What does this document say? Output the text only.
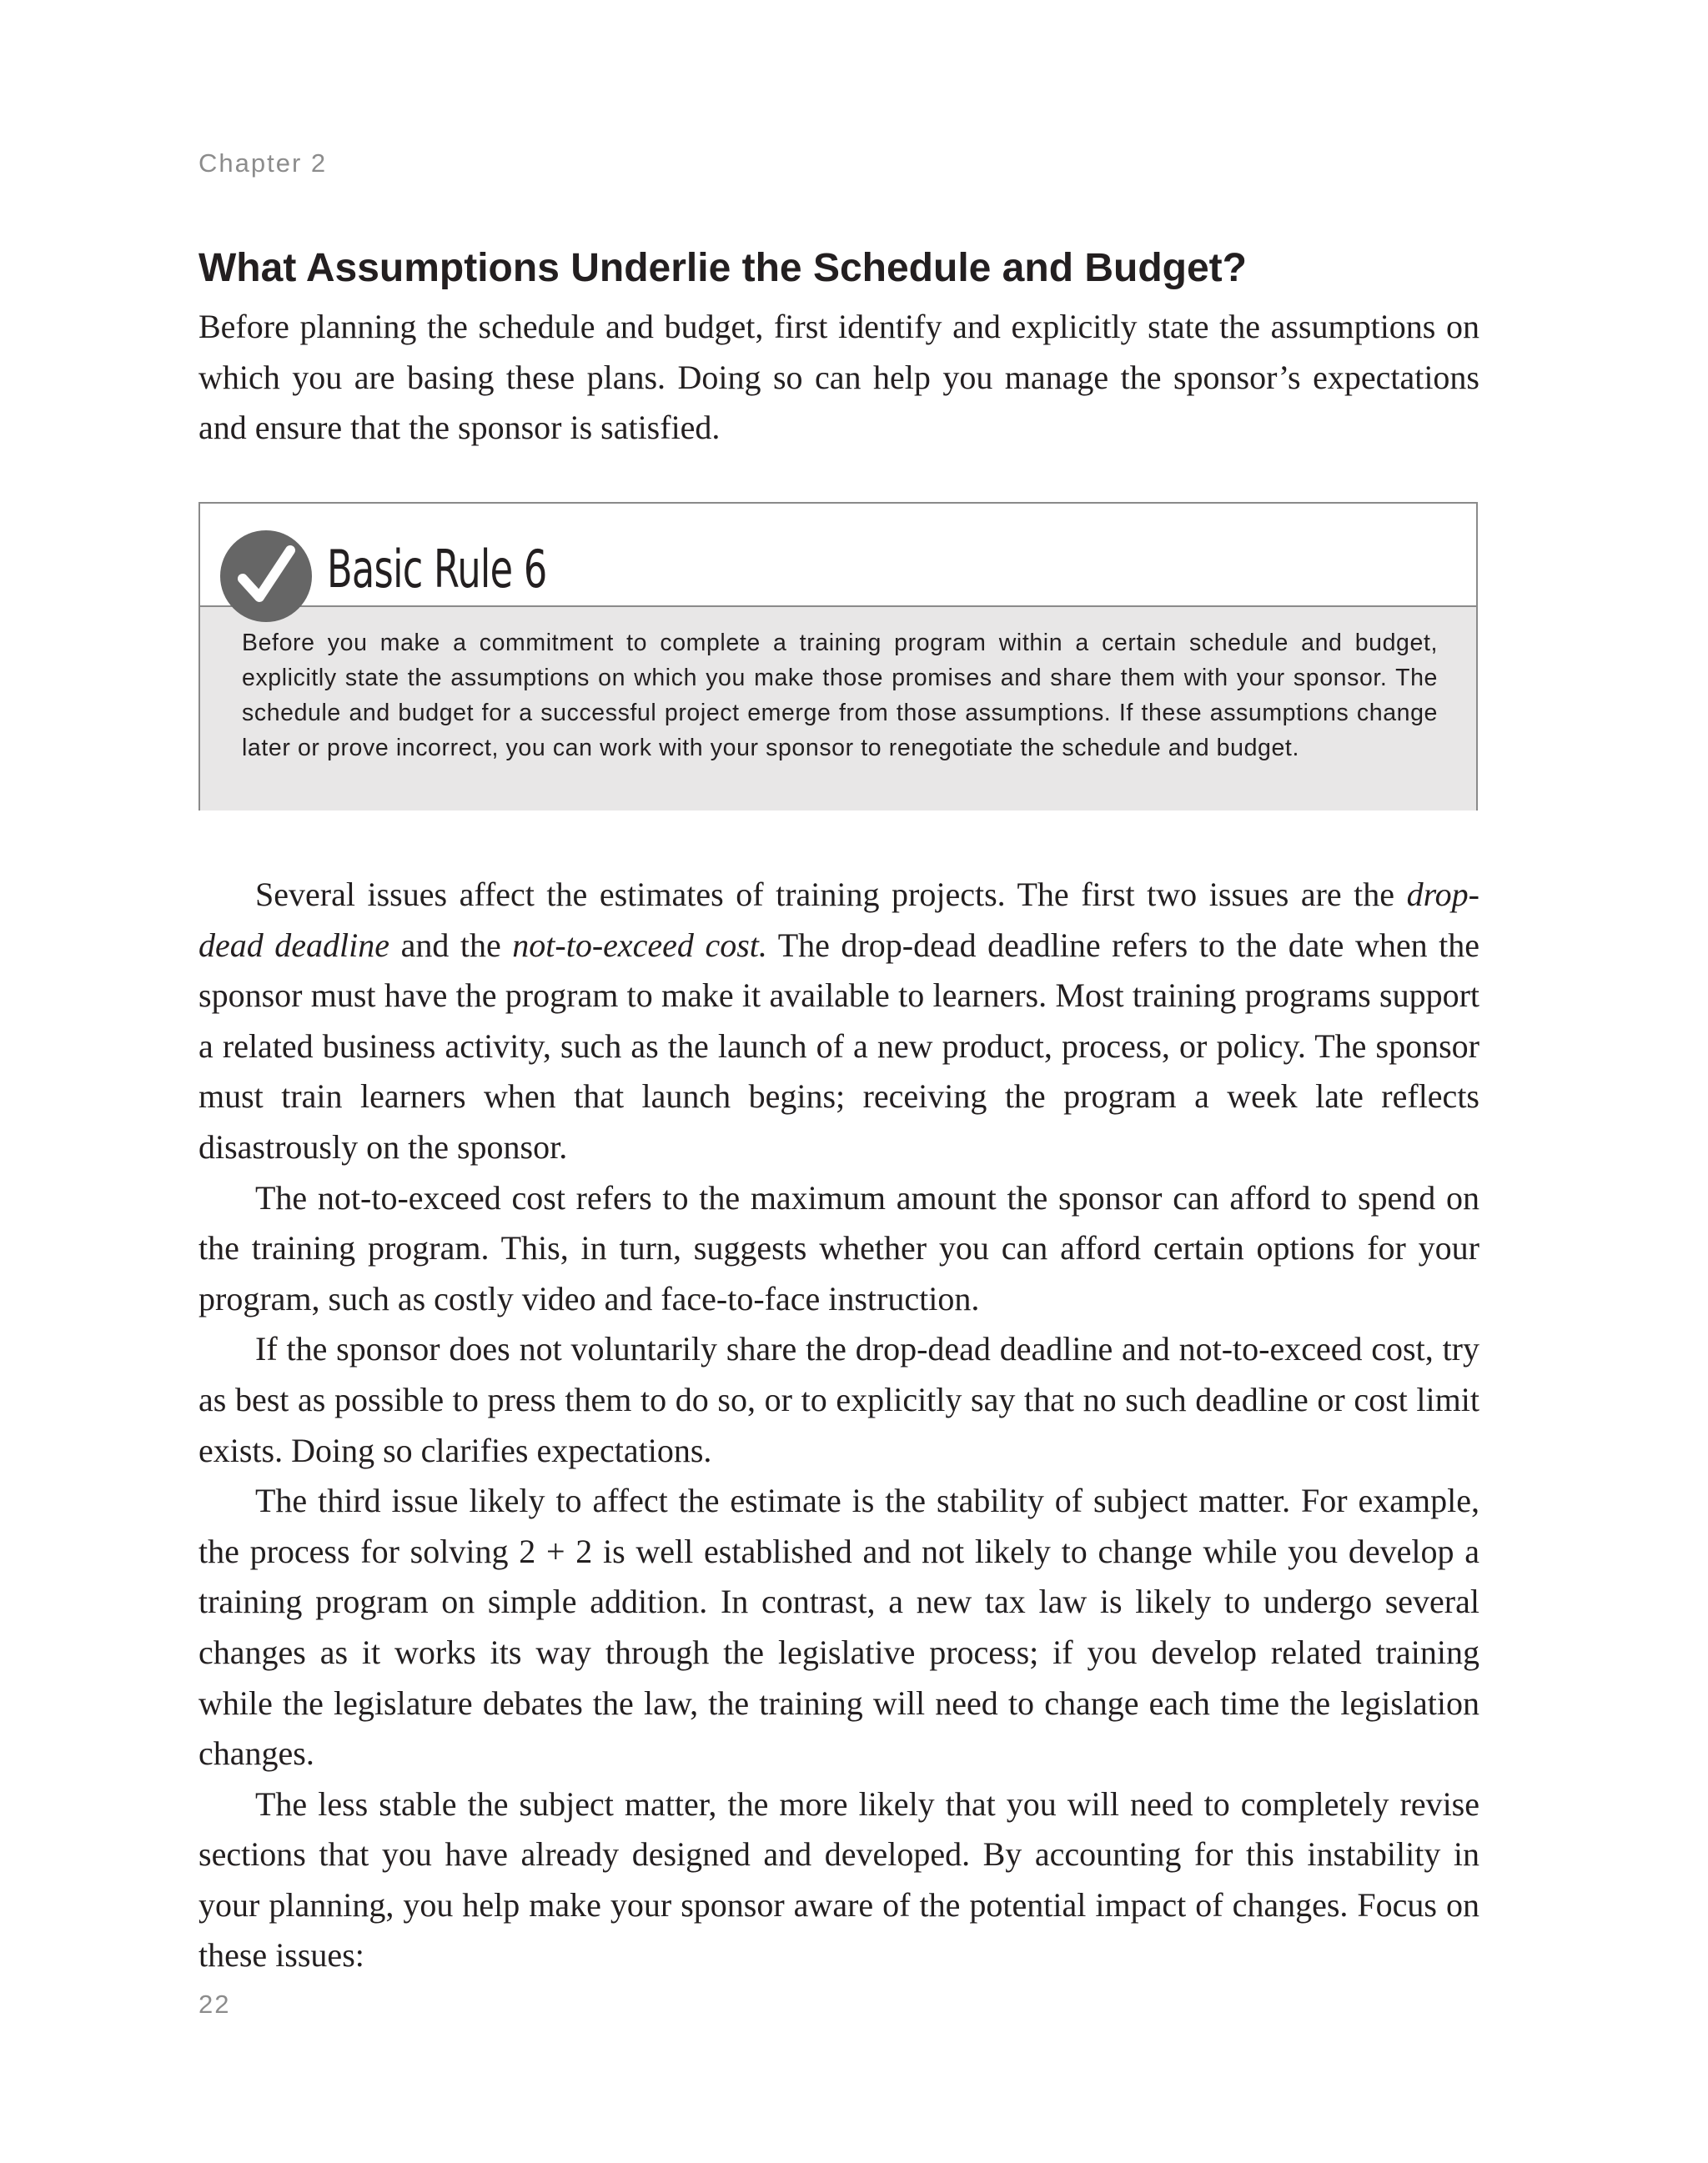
Chapter 2
What Assumptions Underlie the Schedule and Budget?

Before planning the schedule and budget, first identify and explicitly state the assumptions on which you are basing these plans. Doing so can help you manage the sponsor’s expectations and ensure that the sponsor is satisfied.

Basic Rule 6

Before you make a commitment to complete a training program within a certain schedule and budget, explicitly state the assumptions on which you make those promises and share them with your sponsor. The schedule and budget for a successful project emerge from those assumptions. If these assumptions change later or prove incorrect, you can work with your sponsor to renegotiate the schedule and budget.

Several issues affect the estimates of training projects. The first two issues are the drop-dead deadline and the not-to-exceed cost. The drop-dead deadline refers to the date when the sponsor must have the program to make it available to learners. Most training programs support a related business activity, such as the launch of a new product, process, or policy. The sponsor must train learners when that launch begins; receiving the program a week late reflects disastrously on the sponsor.

The not-to-exceed cost refers to the maximum amount the sponsor can afford to spend on the training program. This, in turn, suggests whether you can afford certain options for your program, such as costly video and face-to-face instruction.

If the sponsor does not voluntarily share the drop-dead deadline and not-to-exceed cost, try as best as possible to press them to do so, or to explicitly say that no such deadline or cost limit exists. Doing so clarifies expectations.

The third issue likely to affect the estimate is the stability of subject matter. For example, the process for solving 2 + 2 is well established and not likely to change while you develop a training program on simple addition. In contrast, a new tax law is likely to undergo several changes as it works its way through the legislative process; if you develop related training while the legislature debates the law, the training will need to change each time the legislation changes.

The less stable the subject matter, the more likely that you will need to completely revise sections that you have already designed and developed. By accounting for this instability in your planning, you help make your sponsor aware of the potential impact of changes. Focus on these issues:

22
